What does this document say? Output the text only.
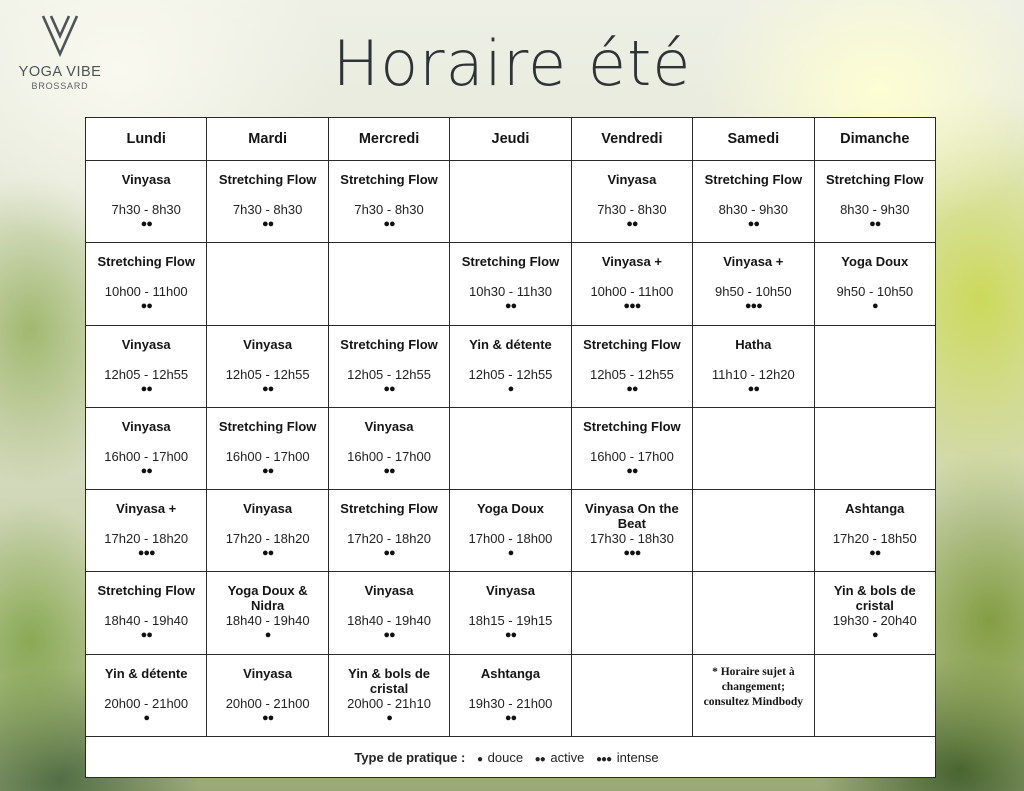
YOGA VIBE
BROSSARD	Horaire été
Lundi	Mardi	Mercredi	Jeudi	Vendredi	Samedi	Dimanche

Vinyasa
7h30 - 8h30
●●	Stretching Flow
7h30 - 8h30
●●	Stretching Flow
7h30 - 8h30
●●		Vinyasa
7h30 - 8h30
●●	Stretching Flow
8h30 - 9h30
●●	Stretching Flow
8h30 - 9h30
●●

Stretching Flow
10h00 - 11h00
●●			Stretching Flow
10h30 - 11h30
●●	Vinyasa +
10h00 - 11h00
●●●	Vinyasa +
9h50 - 10h50
●●●	Yoga Doux
9h50 - 10h50
●

Vinyasa
12h05 - 12h55
●●	Vinyasa
12h05 - 12h55
●●	Stretching Flow
12h05 - 12h55
●●	Yin & détente
12h05 - 12h55
●	Stretching Flow
12h05 - 12h55
●●	Hatha
11h10 - 12h20
●●	

Vinyasa
16h00 - 17h00
●●	Stretching Flow
16h00 - 17h00
●●	Vinyasa
16h00 - 17h00
●●		Stretching Flow
16h00 - 17h00
●●		

Vinyasa +
17h20 - 18h20
●●●	Vinyasa
17h20 - 18h20
●●	Stretching Flow
17h20 - 18h20
●●	Yoga Doux
17h00 - 18h00
●	Vinyasa On the Beat
17h30 - 18h30
●●●		Ashtanga
17h20 - 18h50
●●

Stretching Flow
18h40 - 19h40
●●	Yoga Doux & Nidra
18h40 - 19h40
●	Vinyasa
18h40 - 19h40
●●	Vinyasa
18h15 - 19h15
●●			Yin & bols de cristal
19h30 - 20h40
●

Yin & détente
20h00 - 21h00
●	Vinyasa
20h00 - 21h00
●●	Yin & bols de cristal
20h00 - 21h10
●	Ashtanga
19h30 - 21h00
●●		* Horaire sujet à changement; consultez Mindbody	

Type de pratique : ● douce ●● active ●●● intense						
